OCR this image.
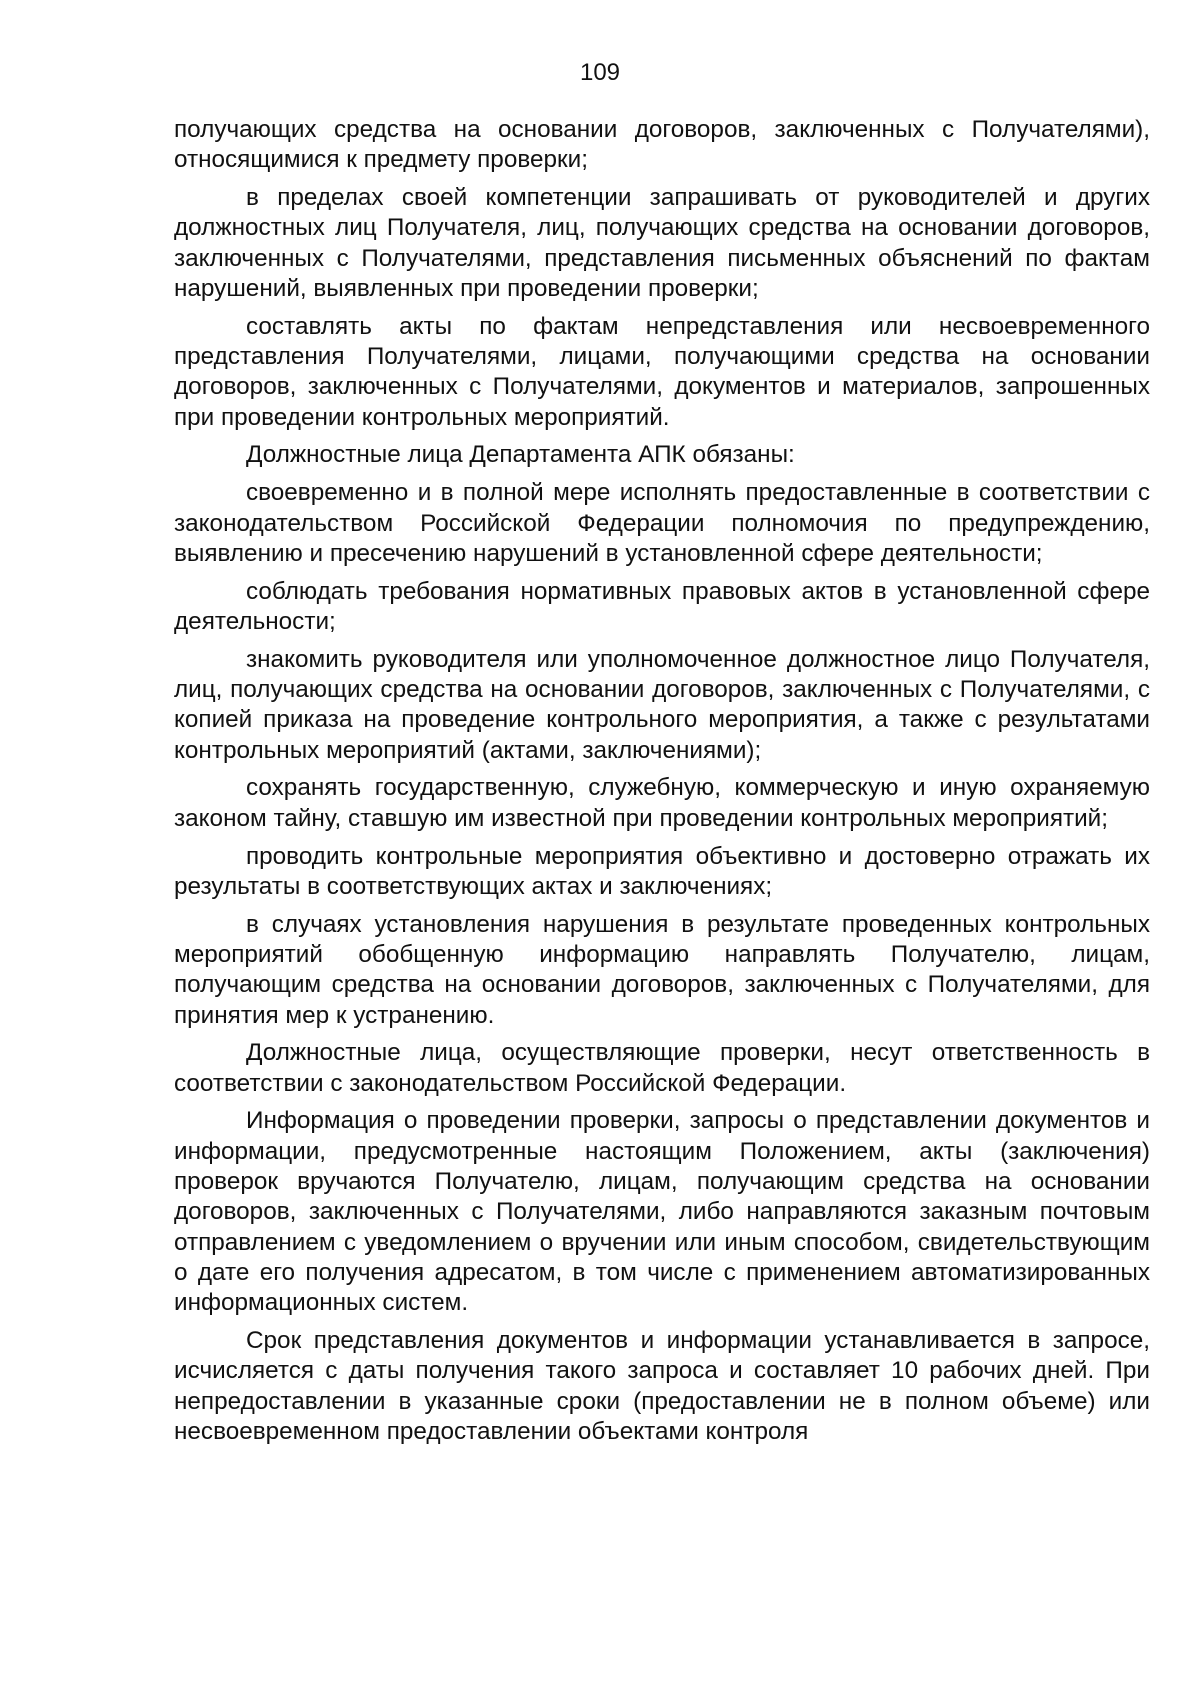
109

получающих средства на основании договоров, заключенных с Получателями), относящимися к предмету проверки;

в пределах своей компетенции запрашивать от руководителей и других должностных лиц Получателя, лиц, получающих средства на основании договоров, заключенных с Получателями, представления письменных объяснений по фактам нарушений, выявленных при проведении проверки;

составлять акты по фактам непредставления или несвоевременного представления Получателями, лицами, получающими средства на основании договоров, заключенных с Получателями, документов и материалов, запрошенных при проведении контрольных мероприятий.

Должностные лица Департамента АПК обязаны:

своевременно и в полной мере исполнять предоставленные в соответствии с законодательством Российской Федерации полномочия по предупреждению, выявлению и пресечению нарушений в установленной сфере деятельности;

соблюдать требования нормативных правовых актов в установленной сфере деятельности;

знакомить руководителя или уполномоченное должностное лицо Получателя, лиц, получающих средства на основании договоров, заключенных с Получателями, с копией приказа на проведение контрольного мероприятия, а также с результатами контрольных мероприятий (актами, заключениями);

сохранять государственную, служебную, коммерческую и иную охраняемую законом тайну, ставшую им известной при проведении контрольных мероприятий;

проводить контрольные мероприятия объективно и достоверно отражать их результаты в соответствующих актах и заключениях;

в случаях установления нарушения в результате проведенных контрольных мероприятий обобщенную информацию направлять Получателю, лицам, получающим средства на основании договоров, заключенных с Получателями, для принятия мер к устранению.

Должностные лица, осуществляющие проверки, несут ответственность в соответствии с законодательством Российской Федерации.

Информация о проведении проверки, запросы о представлении документов и информации, предусмотренные настоящим Положением, акты (заключения) проверок вручаются Получателю, лицам, получающим средства на основании договоров, заключенных с Получателями, либо направляются заказным почтовым отправлением с уведомлением о вручении или иным способом, свидетельствующим о дате его получения адресатом, в том числе с применением автоматизированных информационных систем.

Срок представления документов и информации устанавливается в запросе, исчисляется с даты получения такого запроса и составляет 10 рабочих дней. При непредоставлении в указанные сроки (предоставлении не в полном объеме) или несвоевременном предоставлении объектами контроля
